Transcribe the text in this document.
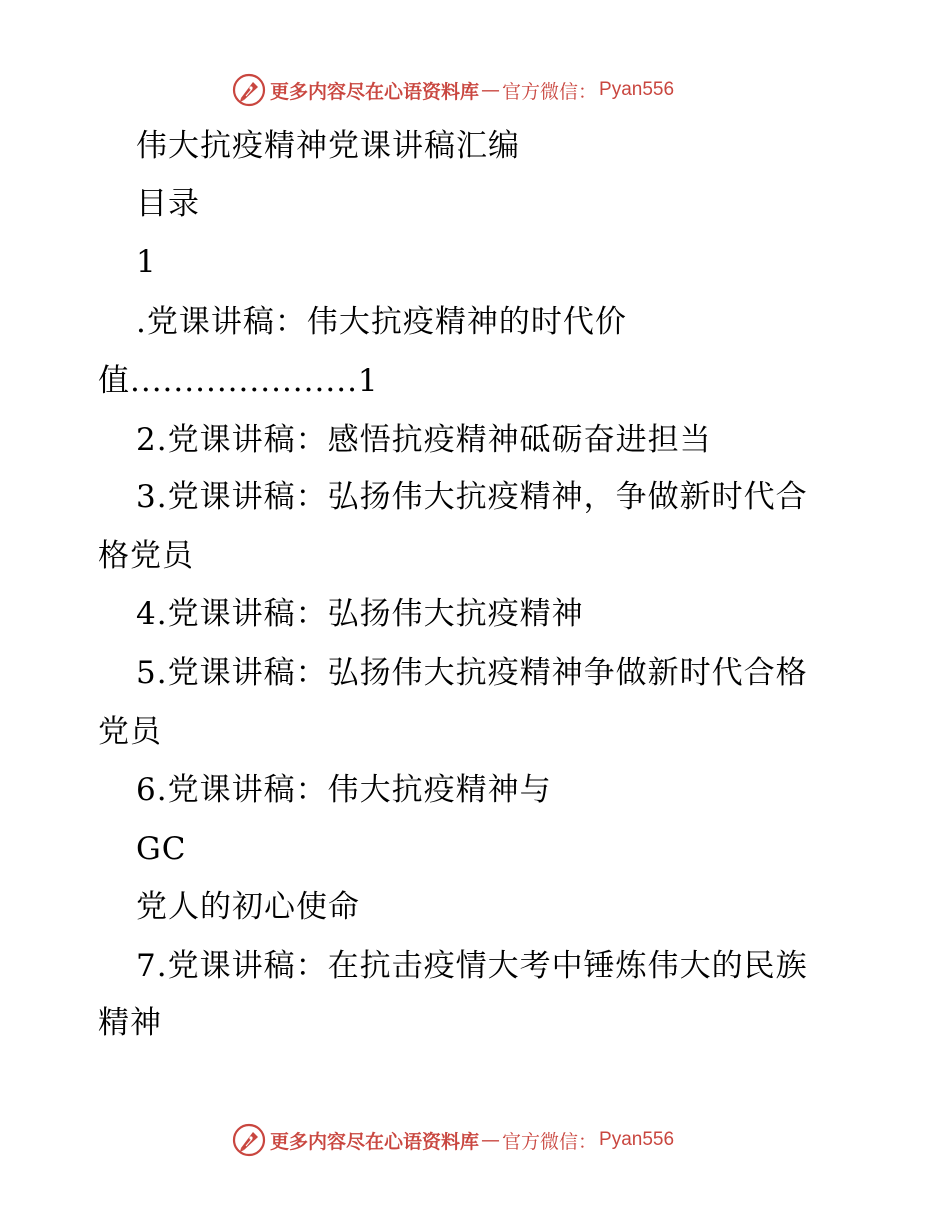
更多内容尽在心语资料库 — 官方微信： Pyan556
伟大抗疫精神党课讲稿汇编
目录
1
.党课讲稿：伟大抗疫精神的时代价
值.....................1
2.党课讲稿：感悟抗疫精神砥砺奋进担当
3.党课讲稿：弘扬伟大抗疫精神，争做新时代合
格党员
4.党课讲稿：弘扬伟大抗疫精神
5.党课讲稿：弘扬伟大抗疫精神争做新时代合格
党员
6.党课讲稿：伟大抗疫精神与
GC
党人的初心使命
7.党课讲稿：在抗击疫情大考中锤炼伟大的民族
精神
更多内容尽在心语资料库 — 官方微信： Pyan556
